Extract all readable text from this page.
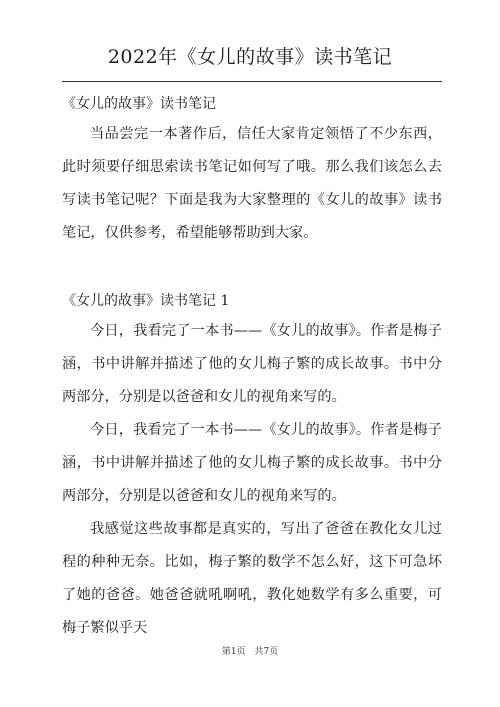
2022年《女儿的故事》读书笔记
《女儿的故事》读书笔记
当品尝完一本著作后，信任大家肯定领悟了不少东西，此时须要仔细思索读书笔记如何写了哦。那么我们该怎么去写读书笔记呢？下面是我为大家整理的《女儿的故事》读书笔记，仅供参考，希望能够帮助到大家。
《女儿的故事》读书笔记 1
今日，我看完了一本书——《女儿的故事》。作者是梅子涵，书中讲解并描述了他的女儿梅子繁的成长故事。书中分两部分，分别是以爸爸和女儿的视角来写的。
今日，我看完了一本书——《女儿的故事》。作者是梅子涵，书中讲解并描述了他的女儿梅子繁的成长故事。书中分两部分，分别是以爸爸和女儿的视角来写的。
我感觉这些故事都是真实的，写出了爸爸在教化女儿过程的种种无奈。比如，梅子繁的数学不怎么好，这下可急坏了她的爸爸。她爸爸就吼啊吼，教化她数学有多么重要，可梅子繁似乎天
第1页 共7页
